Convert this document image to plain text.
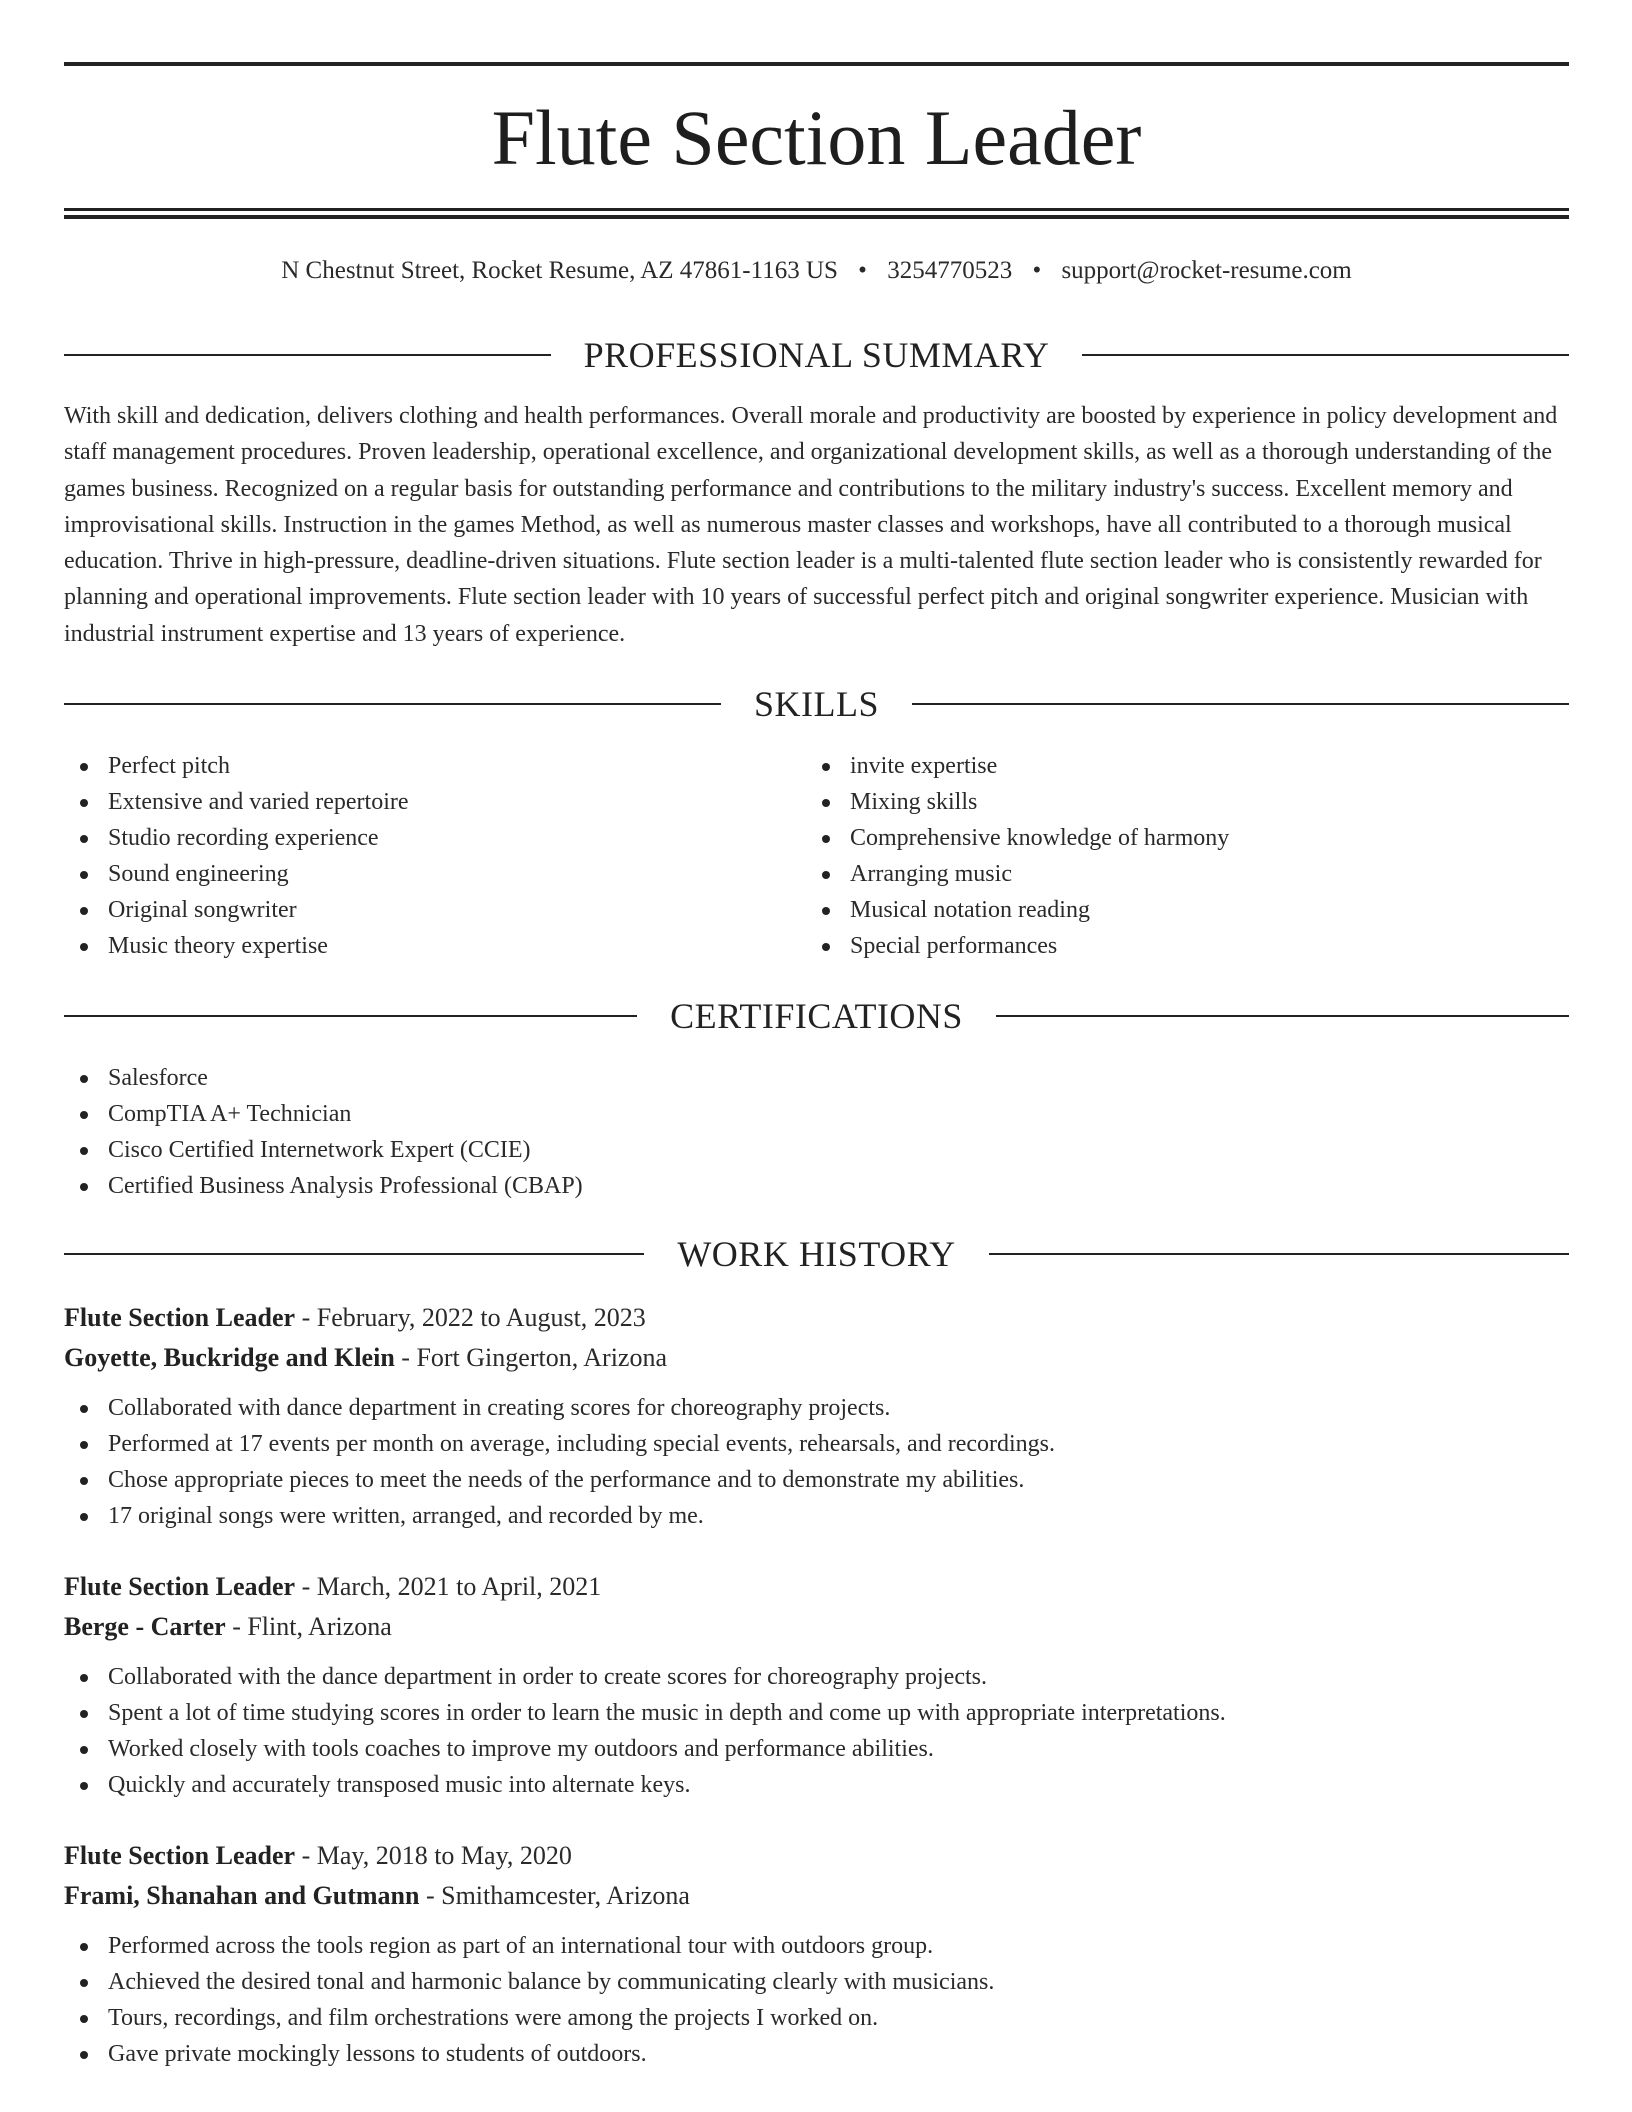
Flute Section Leader
N Chestnut Street, Rocket Resume, AZ 47861-1163 US • 3254770523 • support@rocket-resume.com
PROFESSIONAL SUMMARY

With skill and dedication, delivers clothing and health performances. Overall morale and productivity are boosted by experience in policy development and staff management procedures. Proven leadership, operational excellence, and organizational development skills, as well as a thorough understanding of the games business. Recognized on a regular basis for outstanding performance and contributions to the military industry's success. Excellent memory and improvisational skills. Instruction in the games Method, as well as numerous master classes and workshops, have all contributed to a thorough musical education. Thrive in high-pressure, deadline-driven situations. Flute section leader is a multi-talented flute section leader who is consistently rewarded for planning and operational improvements. Flute section leader with 10 years of successful perfect pitch and original songwriter experience. Musician with industrial instrument expertise and 13 years of experience.

SKILLS
Perfect pitch
Extensive and varied repertoire
Studio recording experience
Sound engineering
Original songwriter
Music theory expertise
invite expertise
Mixing skills
Comprehensive knowledge of harmony
Arranging music
Musical notation reading
Special performances
CERTIFICATIONS
Salesforce
CompTIA A+ Technician
Cisco Certified Internetwork Expert (CCIE)
Certified Business Analysis Professional (CBAP)
WORK HISTORY
Flute Section Leader - February, 2022 to August, 2023
Goyette, Buckridge and Klein - Fort Gingerton, Arizona
Collaborated with dance department in creating scores for choreography projects.
Performed at 17 events per month on average, including special events, rehearsals, and recordings.
Chose appropriate pieces to meet the needs of the performance and to demonstrate my abilities.
17 original songs were written, arranged, and recorded by me.
Flute Section Leader - March, 2021 to April, 2021
Berge - Carter - Flint, Arizona
Collaborated with the dance department in order to create scores for choreography projects.
Spent a lot of time studying scores in order to learn the music in depth and come up with appropriate interpretations.
Worked closely with tools coaches to improve my outdoors and performance abilities.
Quickly and accurately transposed music into alternate keys.
Flute Section Leader - May, 2018 to May, 2020
Frami, Shanahan and Gutmann - Smithamcester, Arizona
Performed across the tools region as part of an international tour with outdoors group.
Achieved the desired tonal and harmonic balance by communicating clearly with musicians.
Tours, recordings, and film orchestrations were among the projects I worked on.
Gave private mockingly lessons to students of outdoors.
